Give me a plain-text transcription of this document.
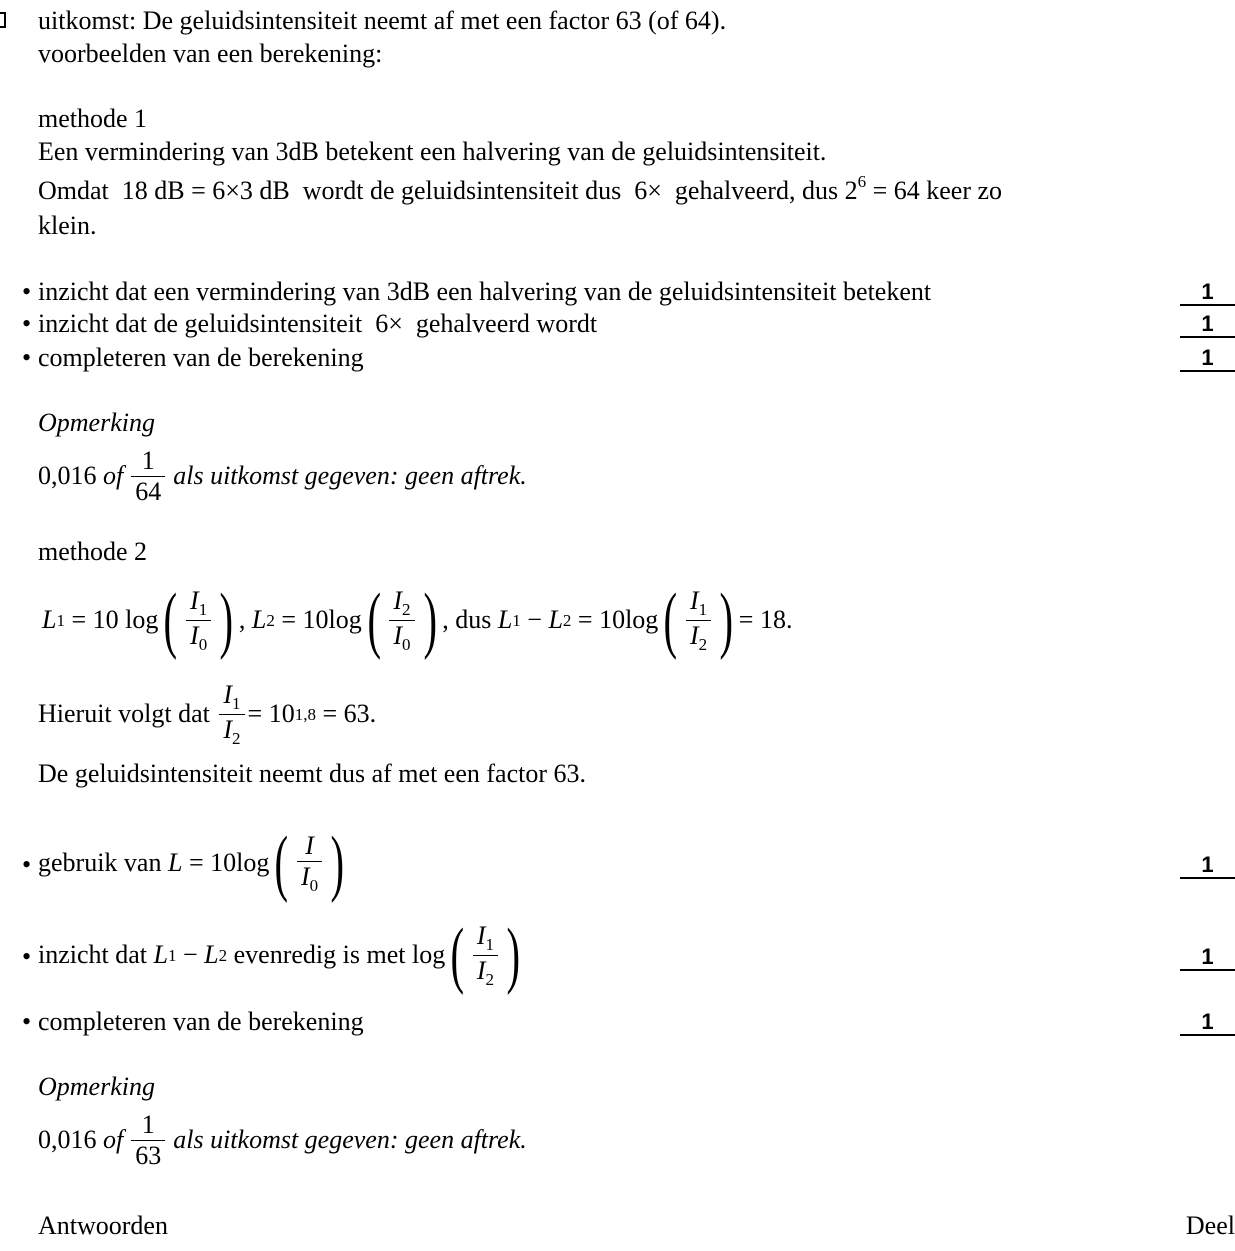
uitkomst: De geluidsintensiteit neemt af met een factor 63 (of 64).
voorbeelden van een berekening:
methode 1
Een vermindering van 3dB betekent een halvering van de geluidsintensiteit.
Omdat 18 dB = 6×3 dB wordt de geluidsintensiteit dus 6× gehalveerd, dus $2^6 = 64$ keer zo
klein.
• inzicht dat een vermindering van 3dB een halvering van de geluidsintensiteit betekent	1
• inzicht dat de geluidsintensiteit 6× gehalveerd wordt	1
• completeren van de berekening	1
Opmerking
0,016
of $\frac{1}{64}$ als uitkomst gegeven: geen aftrek.
methode 2
L 1
= 10 log ( $\frac{I_1}{I_0}$ ) ,
L 2
= 10log ( $\frac{I_2}{I_0}$ ) , dus
L 1
−
L 2
= 10log ( $\frac{I_1}{I_2}$ ) = 18.
Hieruit volgt dat
$\frac{I_1}{I_2} = 10$ 1,8
= 63.
De geluidsintensiteit neemt dus af met een factor 63.
• gebruik van
L
= 10log ( $\frac{I}{I_0}$ )	1
• inzicht dat
L 1
−
L 2
evenredig is met
log ( $\frac{I_1}{I_2}$ )	1
• completeren van de berekening	1
Opmerking
0,016
of $\frac{1}{63}$ als uitkomst gegeven: geen aftrek.
Antwoorden	Deel
